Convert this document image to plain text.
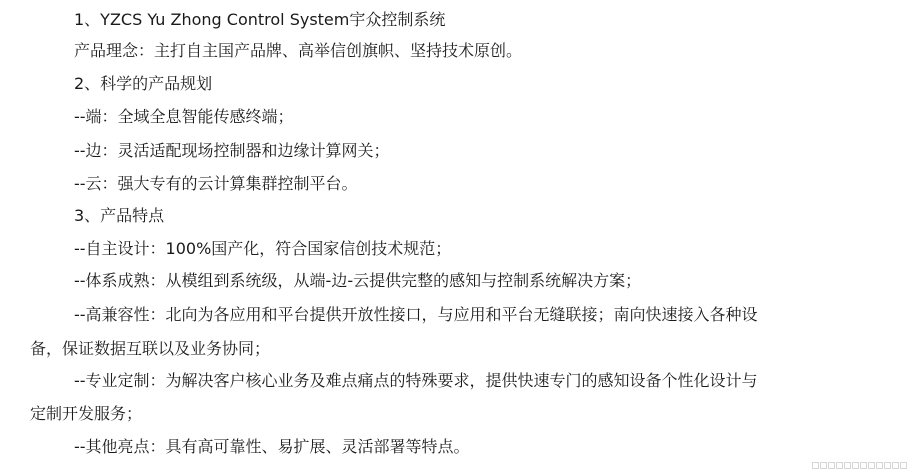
1、YZCS Yu Zhong Control System宇众控制系统
产品理念：主打自主国产品牌、高举信创旗帜、坚持技术原创。
2、科学的产品规划
--端：全域全息智能传感终端；
--边：灵活适配现场控制器和边缘计算网关；
--云：强大专有的云计算集群控制平台。
3、产品特点
--自主设计：100%国产化，符合国家信创技术规范；
--体系成熟：从模组到系统级，从端-边-云提供完整的感知与控制系统解决方案；
--高兼容性：北向为各应用和平台提供开放性接口，与应用和平台无缝联接；南向快速接入各种设
备，保证数据互联以及业务协同；
--专业定制：为解决客户核心业务及难点痛点的特殊要求，提供快速专门的感知设备个性化设计与
定制开发服务；
--其他亮点：具有高可靠性、易扩展、灵活部署等特点。
